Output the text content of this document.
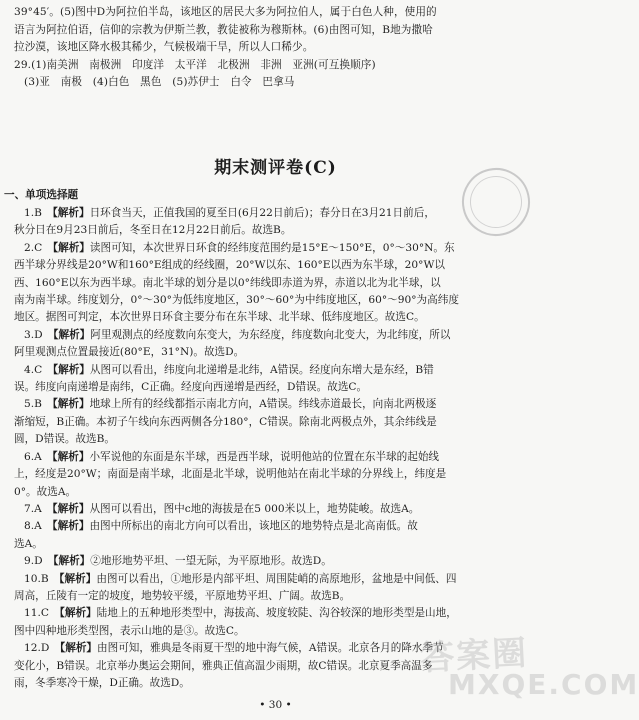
39°45′。(5)图中D为阿拉伯半岛，该地区的居民大多为阿拉伯人，属于白色人种，使用的
语言为阿拉伯语，信仰的宗教为伊斯兰教，教徒被称为穆斯林。(6)由图可知，B地为撒哈
拉沙漠，该地区降水极其稀少，气候极端干旱，所以人口稀少。
29.(1)南美洲　南极洲　印度洋　太平洋　北极洲　非洲　亚洲(可互换顺序)
(3)亚　南极　(4)白色　黑色　(5)苏伊士　白令　巴拿马
期末测评卷(C)
一、单项选择题
1.B　【解析】日环食当天，正值我国的夏至日(6月22日前后)；春分日在3月21日前后，
秋分日在9月23日前后，冬至日在12月22日前后。故选B。
2.C　【解析】读图可知，本次世界日环食的经纬度范围约是15°E～150°E，0°～30°N。东
西半球分界线是20°W和160°E组成的经线圈，20°W以东、160°E以西为东半球，20°W以
西、160°E以东为西半球。南北半球的划分是以0°纬线即赤道为界，赤道以北为北半球，以
南为南半球。纬度划分，0°～30°为低纬度地区，30°～60°为中纬度地区，60°～90°为高纬度
地区。据图可判定，本次世界日环食主要分布在东半球、北半球、低纬度地区。故选C。
3.D　【解析】阿里观测点的经度数向东变大，为东经度，纬度数向北变大，为北纬度，所以
阿里观测点位置最接近(80°E，31°N)。故选D。
4.C　【解析】从图可以看出，纬度向北递增是北纬，A错误。经度向东增大是东经，B错
误。纬度向南递增是南纬，C正确。经度向西递增是西经，D错误。故选C。
5.B　【解析】地球上所有的经线都指示南北方向，A错误。纬线赤道最长，向南北两极逐
渐缩短，B正确。本初子午线向东西两侧各分180°，C错误。除南北两极点外，其余纬线是
圆，D错误。故选B。
6.A　【解析】小军说他的东面是东半球，西是西半球，说明他站的位置在东半球的起始线
上，经度是20°W；南面是南半球，北面是北半球，说明他站在南北半球的分界线上，纬度是
0°。故选A。
7.A　【解析】从图可以看出，图中c地的海拔是在5 000米以上，地势陡峻。故选A。
8.A　【解析】由图中所标出的南北方向可以看出，该地区的地势特点是北高南低。故
选A。
9.D　【解析】②地形地势平坦、一望无际，为平原地形。故选D。
10.B　【解析】由图可以看出，①地形是内部平坦、周围陡峭的高原地形，盆地是中间低、四
周高，丘陵有一定的坡度，地势较平缓，平原地势平坦、广阔。故选B。
11.C　【解析】陆地上的五种地形类型中，海拔高、坡度较陡、沟谷较深的地形类型是山地，
图中四种地形类型图，表示山地的是③。故选C。
12.D　【解析】由图可知，雅典是冬雨夏干型的地中海气候，A错误。北京各月的降水季节
变化小，B错误。北京举办奥运会期间，雅典正值高温少雨期，故C错误。北京夏季高温多
雨，冬季寒冷干燥，D正确。故选D。
答案圈
MXQE.COM
• 30 •
